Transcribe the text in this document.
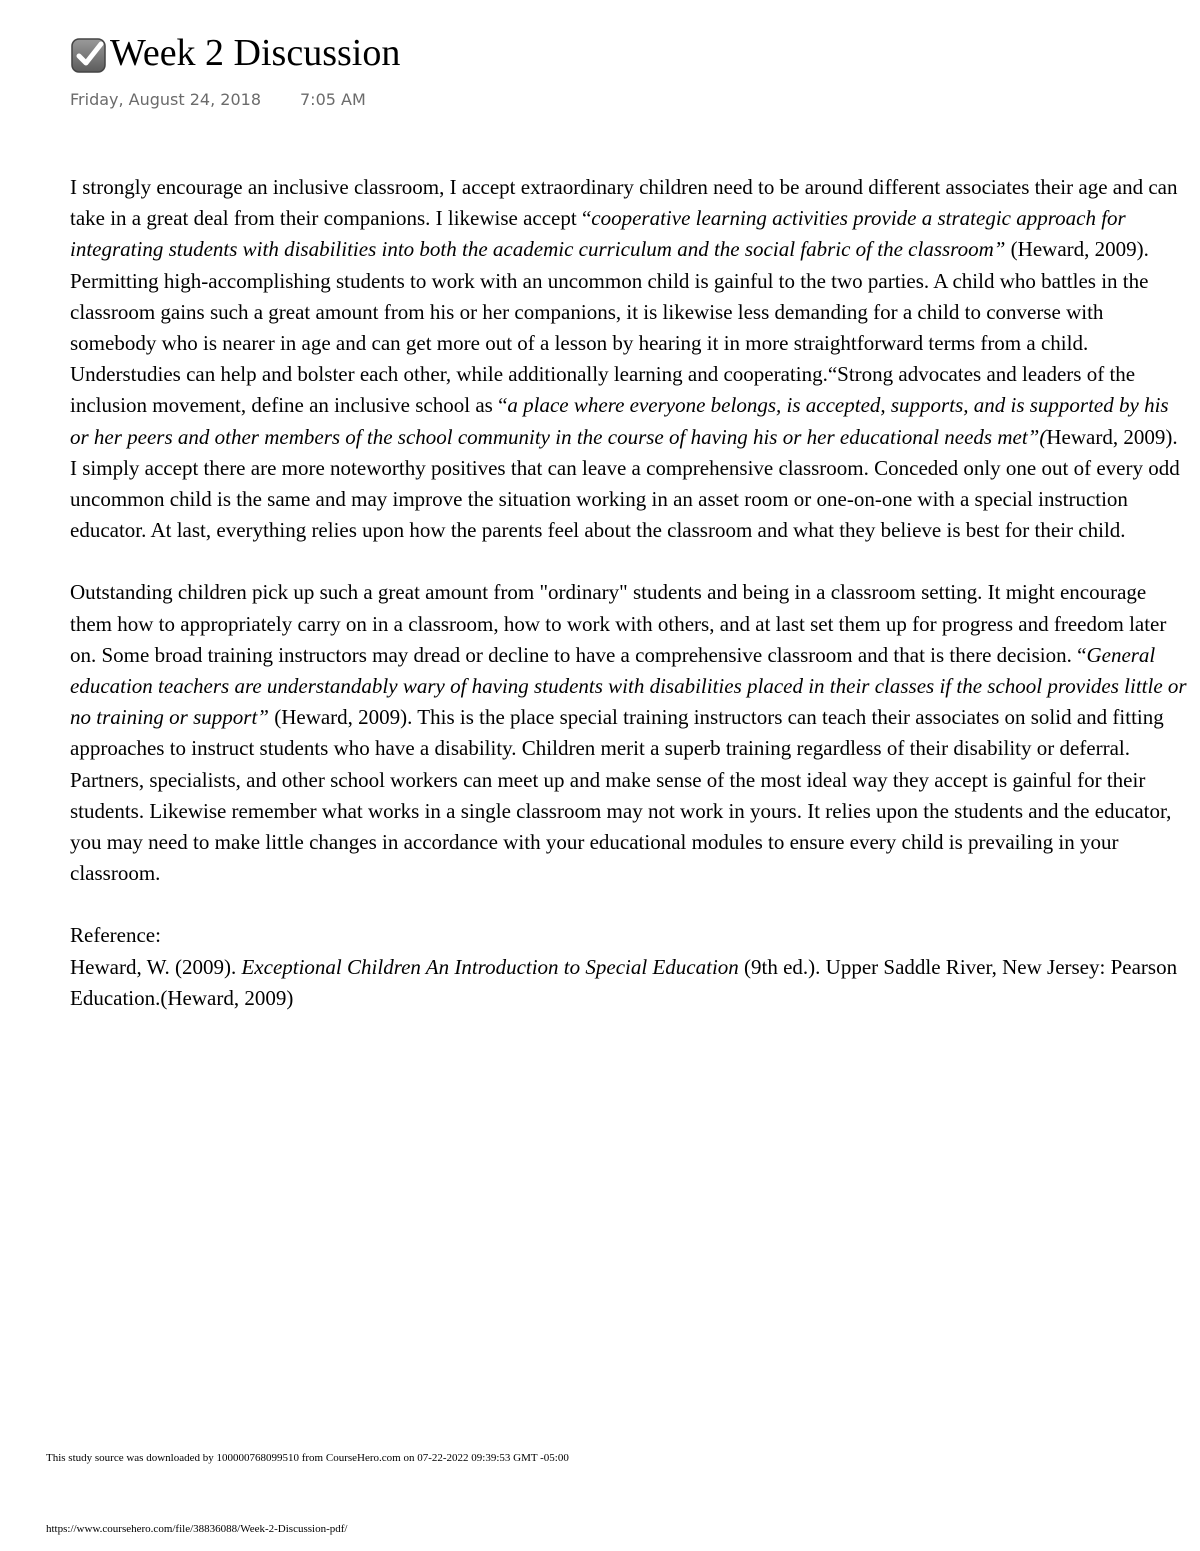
Week 2 Discussion
Friday, August 24, 2018	7:05 AM

I strongly encourage an inclusive classroom, I accept extraordinary children need to be around different associates their age and can take in a great deal from their companions. I likewise accept “cooperative learning activities provide a strategic approach for integrating students with disabilities into both the academic curriculum and the social fabric of the classroom” (Heward, 2009). Permitting high-accomplishing students to work with an uncommon child is gainful to the two parties. A child who battles in the classroom gains such a great amount from his or her companions, it is likewise less demanding for a child to converse with somebody who is nearer in age and can get more out of a lesson by hearing it in more straightforward terms from a child. Understudies can help and bolster each other, while additionally learning and cooperating.“Strong advocates and leaders of the inclusion movement, define an inclusive school as “a place where everyone belongs, is accepted, supports, and is supported by his or her peers and other members of the school community in the course of having his or her educational needs met”(Heward, 2009). I simply accept there are more noteworthy positives that can leave a comprehensive classroom. Conceded only one out of every odd uncommon child is the same and may improve the situation working in an asset room or one-on-one with a special instruction educator. At last, everything relies upon how the parents feel about the classroom and what they believe is best for their child.

Outstanding children pick up such a great amount from "ordinary" students and being in a classroom setting. It might encourage them how to appropriately carry on in a classroom, how to work with others, and at last set them up for progress and freedom later on. Some broad training instructors may dread or decline to have a comprehensive classroom and that is there decision. “General education teachers are understandably wary of having students with disabilities placed in their classes if the school provides little or no training or support” (Heward, 2009). This is the place special training instructors can teach their associates on solid and fitting approaches to instruct students who have a disability. Children merit a superb training regardless of their disability or deferral. Partners, specialists, and other school workers can meet up and make sense of the most ideal way they accept is gainful for their students. Likewise remember what works in a single classroom may not work in yours. It relies upon the students and the educator, you may need to make little changes in accordance with your educational modules to ensure every child is prevailing in your classroom.

Reference:

Heward, W. (2009). Exceptional Children An Introduction to Special Education (9th ed.). Upper Saddle River, New Jersey: Pearson Education.(Heward, 2009)

This study source was downloaded by 100000768099510 from CourseHero.com on 07-22-2022 09:39:53 GMT -05:00
https://www.coursehero.com/file/38836088/Week-2-Discussion-pdf/
